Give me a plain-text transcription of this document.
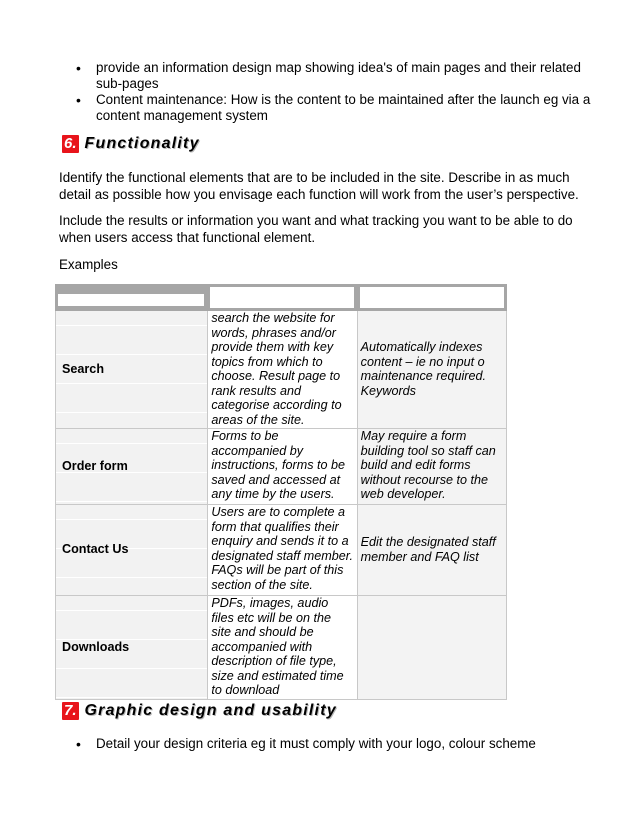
• provide an information design map showing idea's of main pages and their related sub-pages
• Content maintenance: How is the content to be maintained after the launch eg via a content management system
6. Functionality

Identify the functional elements that are to be included in the site. Describe in as much detail as possible how you envisage each function will work from the user’s perspective.

Include the results or information you want and what tracking you want to be able to do when users access that functional element.

Examples

Search	search the website for words, phrases and/or provide them with key topics from which to choose. Result page to rank results and categorise according to areas of the site.	Automatically indexes content – ie no input o maintenance required. Keywords

Order form	Forms to be accompanied by instructions, forms to be saved and accessed at any time by the users.	May require a form building tool so staff can build and edit forms without recourse to the web developer.
Contact Us	Users are to complete a form that qualifies their enquiry and sends it to a designated staff member. FAQs will be part of this section of the site.	Edit the designated staff member and FAQ list
Downloads	PDFs, images, audio files etc will be on the site and should be accompanied with description of file type, size and estimated time to download	
7. Graphic design and usability
• Detail your design criteria eg it must comply with your logo, colour scheme
